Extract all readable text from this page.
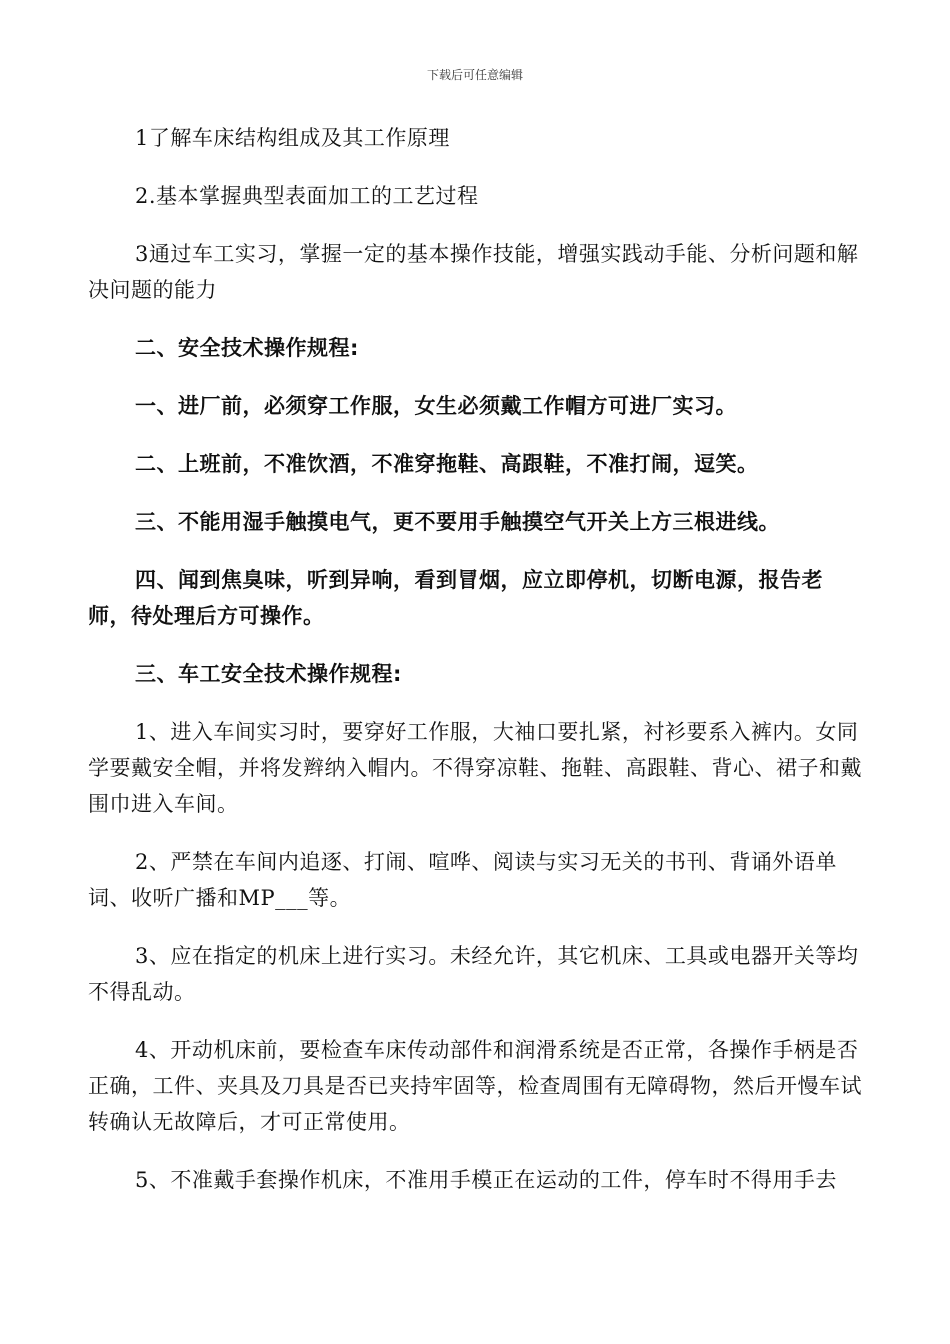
下载后可任意编辑

1了解车床结构组成及其工作原理

2.基本掌握典型表面加工的工艺过程

3通过车工实习，掌握一定的基本操作技能，增强实践动手能、分析问题和解决问题的能力

二、安全技术操作规程:

一、进厂前，必须穿工作服，女生必须戴工作帽方可进厂实习。

二、上班前，不准饮酒，不准穿拖鞋、高跟鞋，不准打闹，逗笑。

三、不能用湿手触摸电气，更不要用手触摸空气开关上方三根进线。

四、闻到焦臭味，听到异响，看到冒烟，应立即停机，切断电源，报告老师，待处理后方可操作。

三、车工安全技术操作规程:

1、进入车间实习时，要穿好工作服，大袖口要扎紧，衬衫要系入裤内。女同学要戴安全帽，并将发辫纳入帽内。不得穿凉鞋、拖鞋、高跟鞋、背心、裙子和戴围巾进入车间。

2、严禁在车间内追逐、打闹、喧哗、阅读与实习无关的书刊、背诵外语单词、收听广播和MP___等。

3、应在指定的机床上进行实习。未经允许，其它机床、工具或电器开关等均不得乱动。

4、开动机床前，要检查车床传动部件和润滑系统是否正常，各操作手柄是否正确，工件、夹具及刀具是否已夹持牢固等，检查周围有无障碍物，然后开慢车试转确认无故障后，才可正常使用。

5、不准戴手套操作机床，不准用手模正在运动的工件，停车时不得用手去
